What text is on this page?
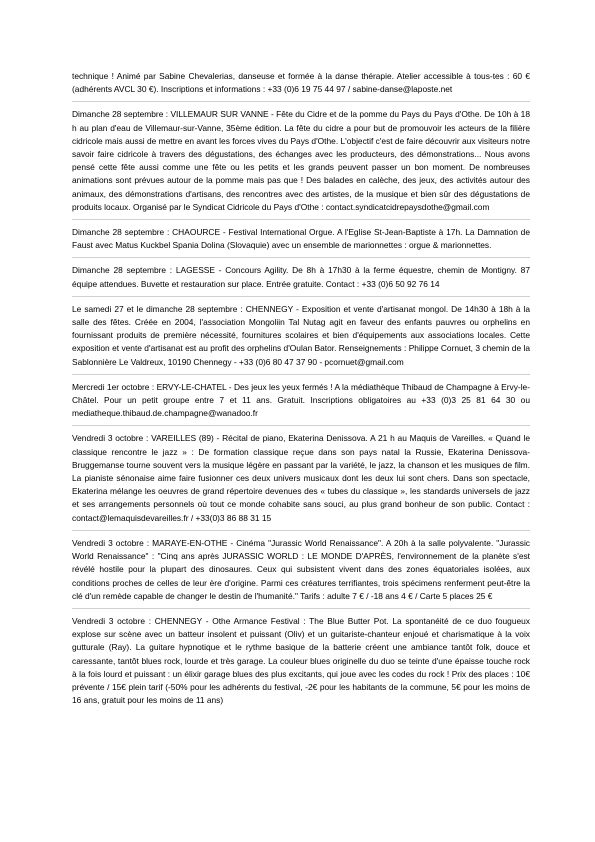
technique ! Animé par Sabine Chevalerias, danseuse et formée à la danse thérapie. Atelier accessible à tous-tes : 60 € (adhérents AVCL 30 €). Inscriptions et informations : +33 (0)6 19 75 44 97 / sabine-danse@laposte.net

Dimanche 28 septembre : VILLEMAUR SUR VANNE - Fête du Cidre et de la pomme du Pays du Pays d'Othe. De 10h à 18 h au plan d'eau de Villemaur-sur-Vanne, 35ème édition. La fête du cidre a pour but de promouvoir les acteurs de la filière cidricole mais aussi de mettre en avant les forces vives du Pays d'Othe. L'objectif c'est de faire découvrir aux visiteurs notre savoir faire cidricole à travers des dégustations, des échanges avec les producteurs, des démonstrations... Nous avons pensé cette fête aussi comme une fête ou les petits et les grands peuvent passer un bon moment. De nombreuses animations sont prévues autour de la pomme mais pas que ! Des balades en calèche, des jeux, des activités autour des animaux, des démonstrations d'artisans, des rencontres avec des artistes, de la musique et bien sûr des dégustations de produits locaux. Organisé par le Syndicat Cidricole du Pays d'Othe : contact.syndicatcidrepaysdothe@gmail.com

Dimanche 28 septembre : CHAOURCE - Festival International Orgue. A l'Eglise St-Jean-Baptiste à 17h. La Damnation de Faust avec Matus Kuckbel Spania Dolina (Slovaquie) avec un ensemble de marionnettes : orgue & marionnettes.

Dimanche 28 septembre : LAGESSE - Concours Agility. De 8h à 17h30 à la ferme équestre, chemin de Montigny. 87 équipe attendues. Buvette et restauration sur place. Entrée gratuite. Contact : +33 (0)6 50 92 76 14

Le samedi 27 et le dimanche 28 septembre : CHENNEGY - Exposition et vente d'artisanat mongol. De 14h30 à 18h à la salle des fêtes. Créée en 2004, l'association Mongoliin Tal Nutag agit en faveur des enfants pauvres ou orphelins en fournissant produits de première nécessité, fournitures scolaires et bien d'équipements aux associations locales. Cette exposition et vente d'artisanat est au profit des orphelins d'Oulan Bator. Renseignements : Philippe Cornuet, 3 chemin de la Sablonnière Le Valdreux, 10190 Chennegy - +33 (0)6 80 47 37 90 - pcornuet@gmail.com

Mercredi 1er octobre : ERVY-LE-CHATEL - Des jeux les yeux fermés ! A la médiathèque Thibaud de Champagne à Ervy-le-Châtel. Pour un petit groupe entre 7 et 11 ans. Gratuit. Inscriptions obligatoires au +33 (0)3 25 81 64 30 ou mediatheque.thibaud.de.champagne@wanadoo.fr

Vendredi 3 octobre : VAREILLES (89) - Récital de piano, Ekaterina Denissova. A 21 h au Maquis de Vareilles. « Quand le classique rencontre le jazz » : De formation classique reçue dans son pays natal la Russie, Ekaterina Denissova-Bruggemanse tourne souvent vers la musique légère en passant par la variété, le jazz, la chanson et les musiques de film. La pianiste sénonaise aime faire fusionner ces deux univers musicaux dont les deux lui sont chers. Dans son spectacle, Ekaterina mélange les oeuvres de grand répertoire devenues des « tubes du classique », les standards universels de jazz et ses arrangements personnels où tout ce monde cohabite sans souci, au plus grand bonheur de son public. Contact : contact@lemaquisdevareilles.fr / +33(0)3 86 88 31 15

Vendredi 3 octobre : MARAYE-EN-OTHE - Cinéma "Jurassic World Renaissance". A 20h à la salle polyvalente. "Jurassic World Renaissance" : "Cinq ans après JURASSIC WORLD : LE MONDE D'APRÈS, l'environnement de la planète s'est révélé hostile pour la plupart des dinosaures. Ceux qui subsistent vivent dans des zones équatoriales isolées, aux conditions proches de celles de leur ère d'origine. Parmi ces créatures terrifiantes, trois spécimens renferment peut-être la clé d'un remède capable de changer le destin de l'humanité." Tarifs : adulte 7 € / -18 ans 4 € / Carte 5 places 25 €

Vendredi 3 octobre : CHENNEGY - Othe Armance Festival : The Blue Butter Pot. La spontanéité de ce duo fougueux explose sur scène avec un batteur insolent et puissant (Oliv) et un guitariste-chanteur enjoué et charismatique à la voix gutturale (Ray). La guitare hypnotique et le rythme basique de la batterie créent une ambiance tantôt folk, douce et caressante, tantôt blues rock, lourde et très garage. La couleur blues originelle du duo se teinte d'une épaisse touche rock à la fois lourd et puissant : un élixir garage blues des plus excitants, qui joue avec les codes du rock ! Prix des places : 10€ prévente / 15€ plein tarif (-50% pour les adhérents du festival, -2€ pour les habitants de la commune, 5€ pour les moins de 16 ans, gratuit pour les moins de 11 ans)
